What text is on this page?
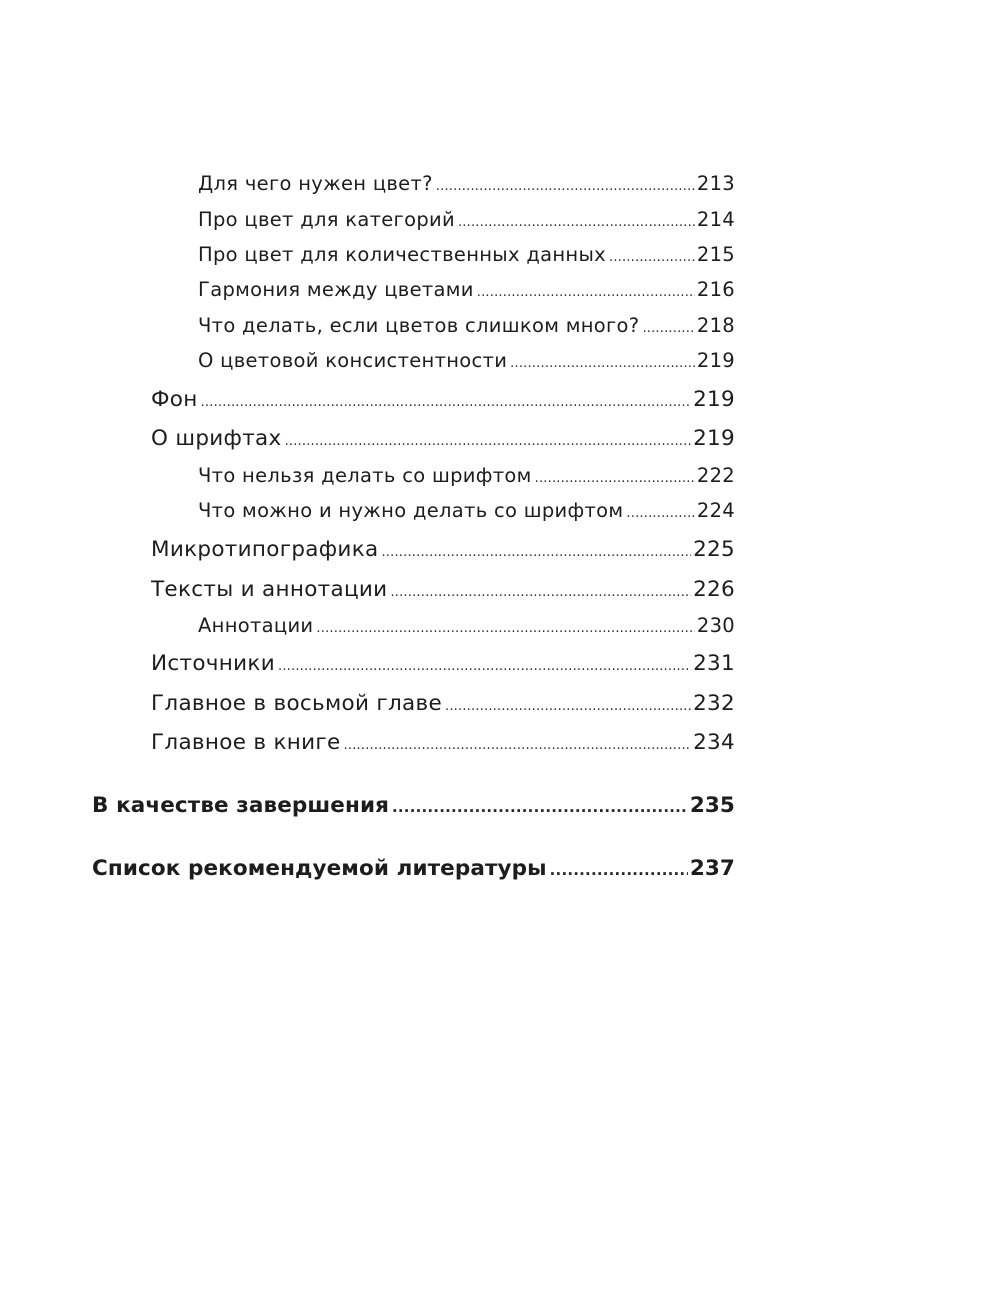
Для чего нужен цвет? .....	213
Про цвет для категорий .....	214
Про цвет для количественных данных .....	215
Гармония между цветами .....	216
Что делать, если цветов слишком много? .....	218
О цветовой консистентности .....	219
Фон .....	219
О шрифтах .....	219
Что нельзя делать со шрифтом .....	222
Что можно и нужно делать со шрифтом .....	224
Микротипографика .....	225
Тексты и аннотации .....	226
Аннотации .....	230
Источники .....	231
Главное в восьмой главе .....	232
Главное в книге .....	234
В качестве завершения .....	235
Список рекомендуемой литературы .....	237
